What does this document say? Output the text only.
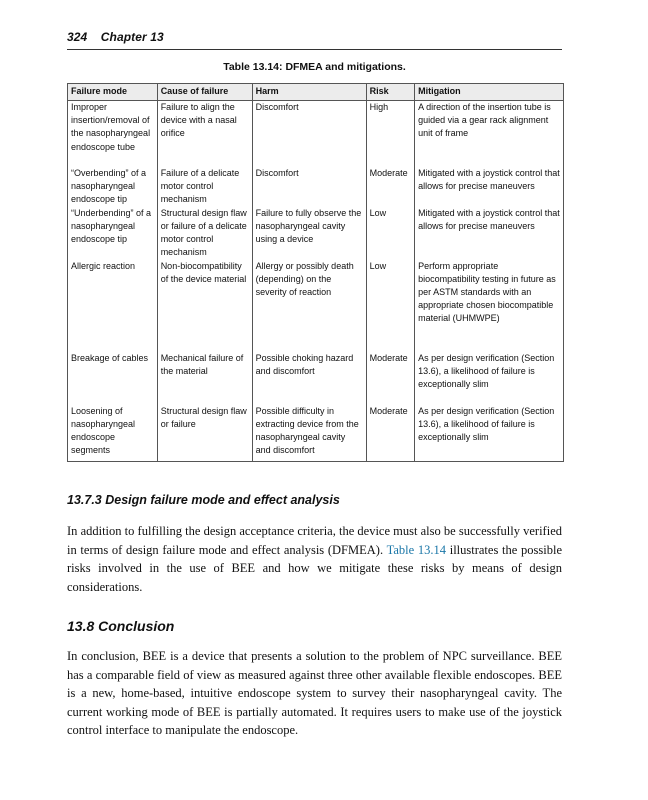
324 Chapter 13
Table 13.14: DFMEA and mitigations.
Failure mode	Cause of failure	Harm	Risk	Mitigation
Improper insertion/removal of the nasopharyngeal endoscope tube	Failure to align the device with a nasal orifice	Discomfort	High	A direction of the insertion tube is guided via a gear rack alignment unit of frame
“Overbending” of a nasopharyngeal endoscope tip	Failure of a delicate motor control mechanism	Discomfort	Moderate	Mitigated with a joystick control that allows for precise maneuvers
“Underbending” of a nasopharyngeal endoscope tip	Structural design flaw or failure of a delicate motor control mechanism	Failure to fully observe the nasopharyngeal cavity using a device	Low	Mitigated with a joystick control that allows for precise maneuvers
Allergic reaction	Non-biocompatibility of the device material	Allergy or possibly death (depending) on the severity of reaction	Low	Perform appropriate biocompatibility testing in future as per ASTM standards with an appropriate chosen biocompatible material (UHMWPE)
Breakage of cables	Mechanical failure of the material	Possible choking hazard and discomfort	Moderate	As per design verification (Section 13.6), a likelihood of failure is exceptionally slim
Loosening of nasopharyngeal endoscope segments	Structural design flaw or failure	Possible difficulty in extracting device from the nasopharyngeal cavity and discomfort	Moderate	As per design verification (Section 13.6), a likelihood of failure is exceptionally slim
13.7.3 Design failure mode and effect analysis
In addition to fulfilling the design acceptance criteria, the device must also be successfully verified in terms of design failure mode and effect analysis (DFMEA). Table 13.14 illustrates the possible risks involved in the use of BEE and how we mitigate these risks by means of design considerations.
13.8 Conclusion
In conclusion, BEE is a device that presents a solution to the problem of NPC surveillance. BEE has a comparable field of view as measured against three other available flexible endoscopes. BEE is a new, home-based, intuitive endoscope system to survey their nasopharyngeal cavity. The current working mode of BEE is partially automated. It requires users to make use of the joystick control interface to manipulate the endoscope.
